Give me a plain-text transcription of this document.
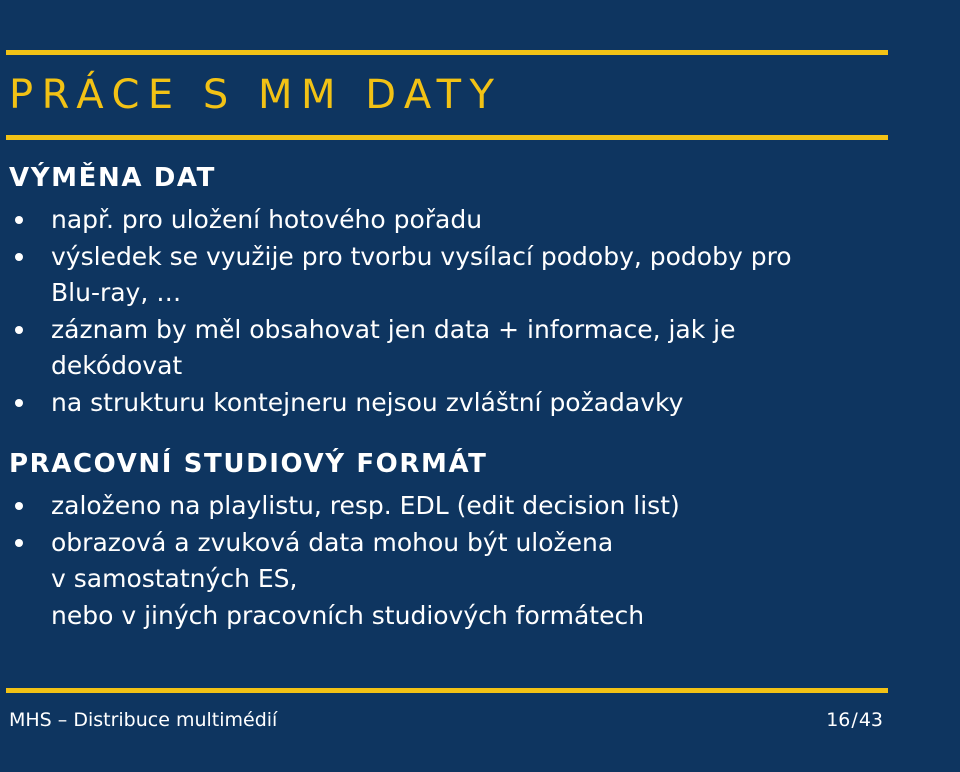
PRÁCE S MM DATY
VÝMĚNA DAT
např. pro uložení hotového pořadu
výsledek se využije pro tvorbu vysílací podoby, podoby pro
Blu-ray, …
záznam by měl obsahovat jen data + informace, jak je
dekódovat
na strukturu kontejneru nejsou zvláštní požadavky
PRACOVNÍ STUDIOVÝ FORMÁT
založeno na playlistu, resp. EDL (edit decision list)
obrazová a zvuková data mohou být uložena
v samostatných ES,
nebo v jiných pracovních studiových formátech
MHS – Distribuce multimédií	16/43
